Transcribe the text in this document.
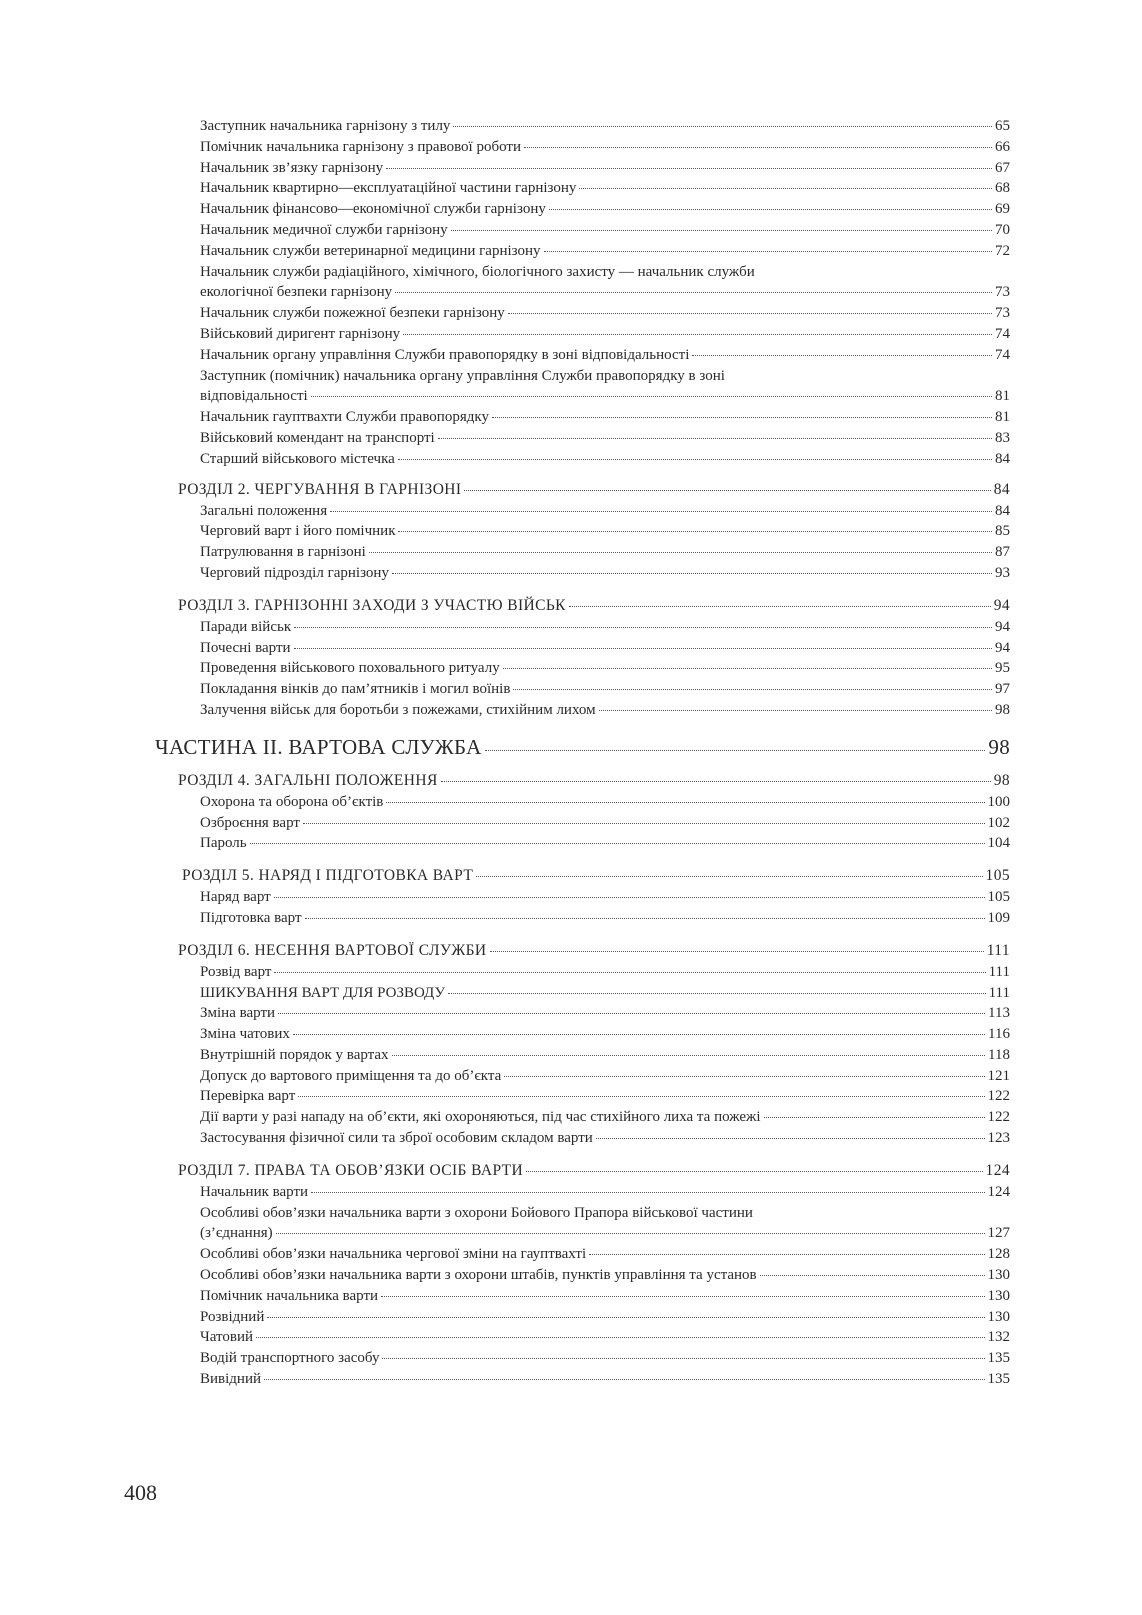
Заступник начальника гарнізону з тилу	65
Помічник начальника гарнізону з правової роботи	66
Начальник зв’язку гарнізону	67
Начальник квартирно—експлуатаційної частини гарнізону	68
Начальник фінансово—економічної служби гарнізону	69
Начальник медичної служби гарнізону	70
Начальник служби ветеринарної медицини гарнізону	72
Начальник служби радіаційного, хімічного, біологічного захисту — начальник служби
екологічної безпеки гарнізону	73
Начальник служби пожежної безпеки гарнізону	73
Військовий диригент гарнізону	74
Начальник органу управління Служби правопорядку в зоні відповідальності	74
Заступник (помічник) начальника органу управління Служби правопорядку в зоні
відповідальності	81
Начальник гауптвахти Служби правопорядку	81
Військовий комендант на транспорті	83
Старший військового містечка	84
РОЗДІЛ 2. ЧЕРГУВАННЯ В ГАРНІЗОНІ	84
Загальні положення	84
Черговий варт і його помічник	85
Патрулювання в гарнізоні	87
Черговий підрозділ гарнізону	93
РОЗДІЛ 3. ГАРНІЗОННІ ЗАХОДИ З УЧАСТЮ ВІЙСЬК	94
Паради військ	94
Почесні варти	94
Проведення військового поховального ритуалу	95
Покладання вінків до пам’ятників і могил воїнів	97
Залучення військ для боротьби з пожежами, стихійним лихом	98
ЧАСТИНА ІІ. ВАРТОВА СЛУЖБА	98
РОЗДІЛ 4. ЗАГАЛЬНІ ПОЛОЖЕННЯ	98
Охорона та оборона об’єктів	100
Озброєння варт	102
Пароль	104
РОЗДІЛ 5. НАРЯД І ПІДГОТОВКА ВАРТ	105
Наряд варт	105
Підготовка варт	109
РОЗДІЛ 6. НЕСЕННЯ ВАРТОВОЇ СЛУЖБИ	111
Розвід варт	111
ШИКУВАННЯ ВАРТ ДЛЯ РОЗВОДУ	111
Зміна варти	113
Зміна чатових	116
Внутрішній порядок у вартах	118
Допуск до вартового приміщення та до об’єкта	121
Перевірка варт	122
Дії варти у разі нападу на об’єкти, які охороняються, під час стихійного лиха та пожежі	122
Застосування фізичної сили та зброї особовим складом варти	123
РОЗДІЛ 7. ПРАВА ТА ОБОВ’ЯЗКИ ОСІБ ВАРТИ	124
Начальник варти	124
Особливі обов’язки начальника варти з охорони Бойового Прапора військової частини
(з’єднання)	127
Особливі обов’язки начальника чергової зміни на гауптвахті	128
Особливі обов’язки начальника варти з охорони штабів, пунктів управління та установ	130
Помічник начальника варти	130
Розвідний	130
Чатовий	132
Водій транспортного засобу	135
Вивідний	135
408
